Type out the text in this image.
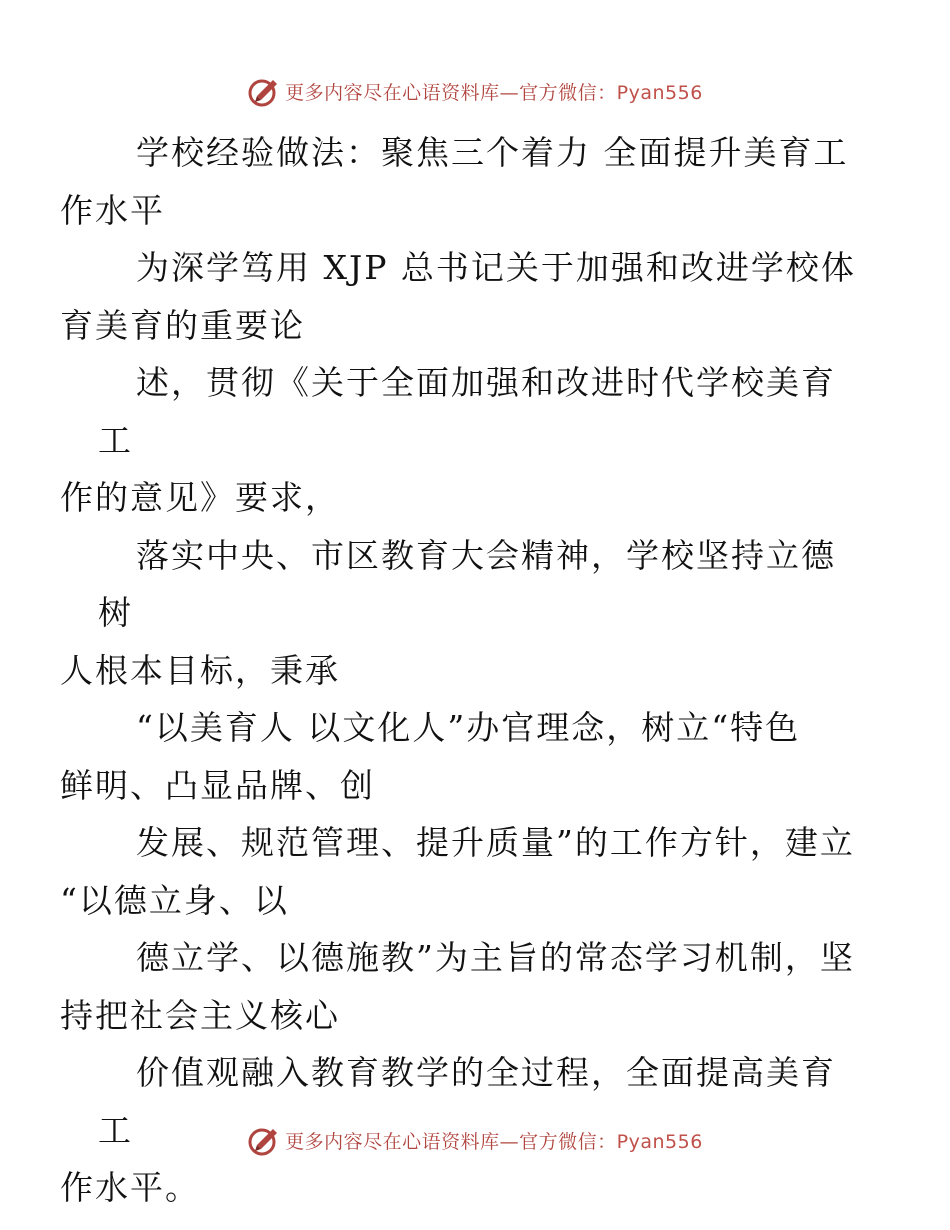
更多内容尽在心语资料库—官方微信：Pyan556

学校经验做法：聚焦三个着力 全面提升美育工
作水平

为深学笃用 XJP 总书记关于加强和改进学校体
育美育的重要论

述，贯彻《关于全面加强和改进时代学校美育工
作的意见》要求，

落实中央、市区教育大会精神，学校坚持立德树
人根本目标，秉承

“以美育人 以文化人”办官理念，树立“特色
鲜明、凸显品牌、创

发展、规范管理、提升质量”的工作方针，建立
“以德立身、以

德立学、以德施教”为主旨的常态学习机制，坚
持把社会主义核心

价值观融入教育教学的全过程，全面提高美育工
作水平。

更多内容尽在心语资料库—官方微信：Pyan556
